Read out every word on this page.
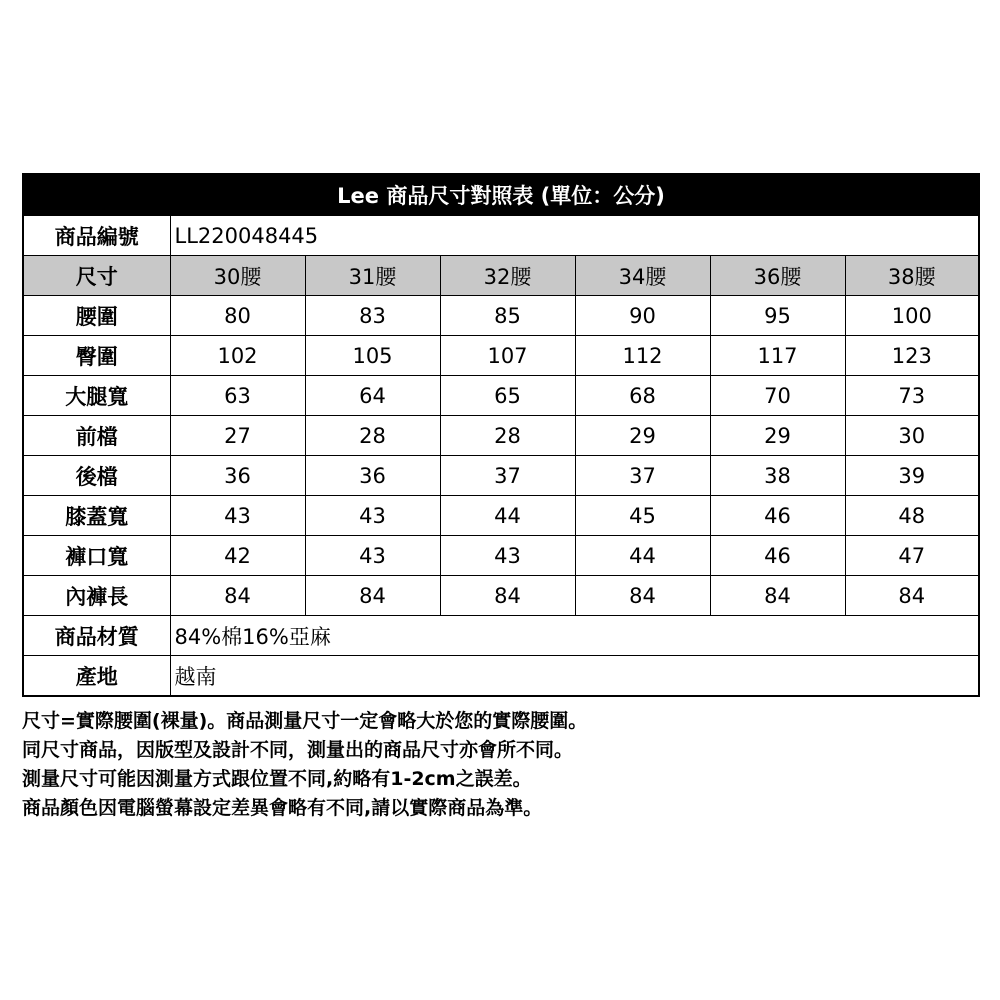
Lee 商品尺寸對照表 (單位：公分)						
商品編號	LL220048445					
尺寸	30腰	31腰	32腰	34腰	36腰	38腰
腰圍	80	83	85	90	95	100
臀圍	102	105	107	112	117	123
大腿寬	63	64	65	68	70	73
前檔	27	28	28	29	29	30
後檔	36	36	37	37	38	39
膝蓋寬	43	43	44	45	46	48
褲口寬	42	43	43	44	46	47
內褲長	84	84	84	84	84	84
商品材質	84%棉16%亞麻					
產地	越南					
尺寸=實際腰圍(裸量)。商品測量尺寸一定會略大於您的實際腰圍。
同尺寸商品，因版型及設計不同，測量出的商品尺寸亦會所不同。
測量尺寸可能因測量方式跟位置不同,約略有1-2cm之誤差。
商品顏色因電腦螢幕設定差異會略有不同,請以實際商品為準。
